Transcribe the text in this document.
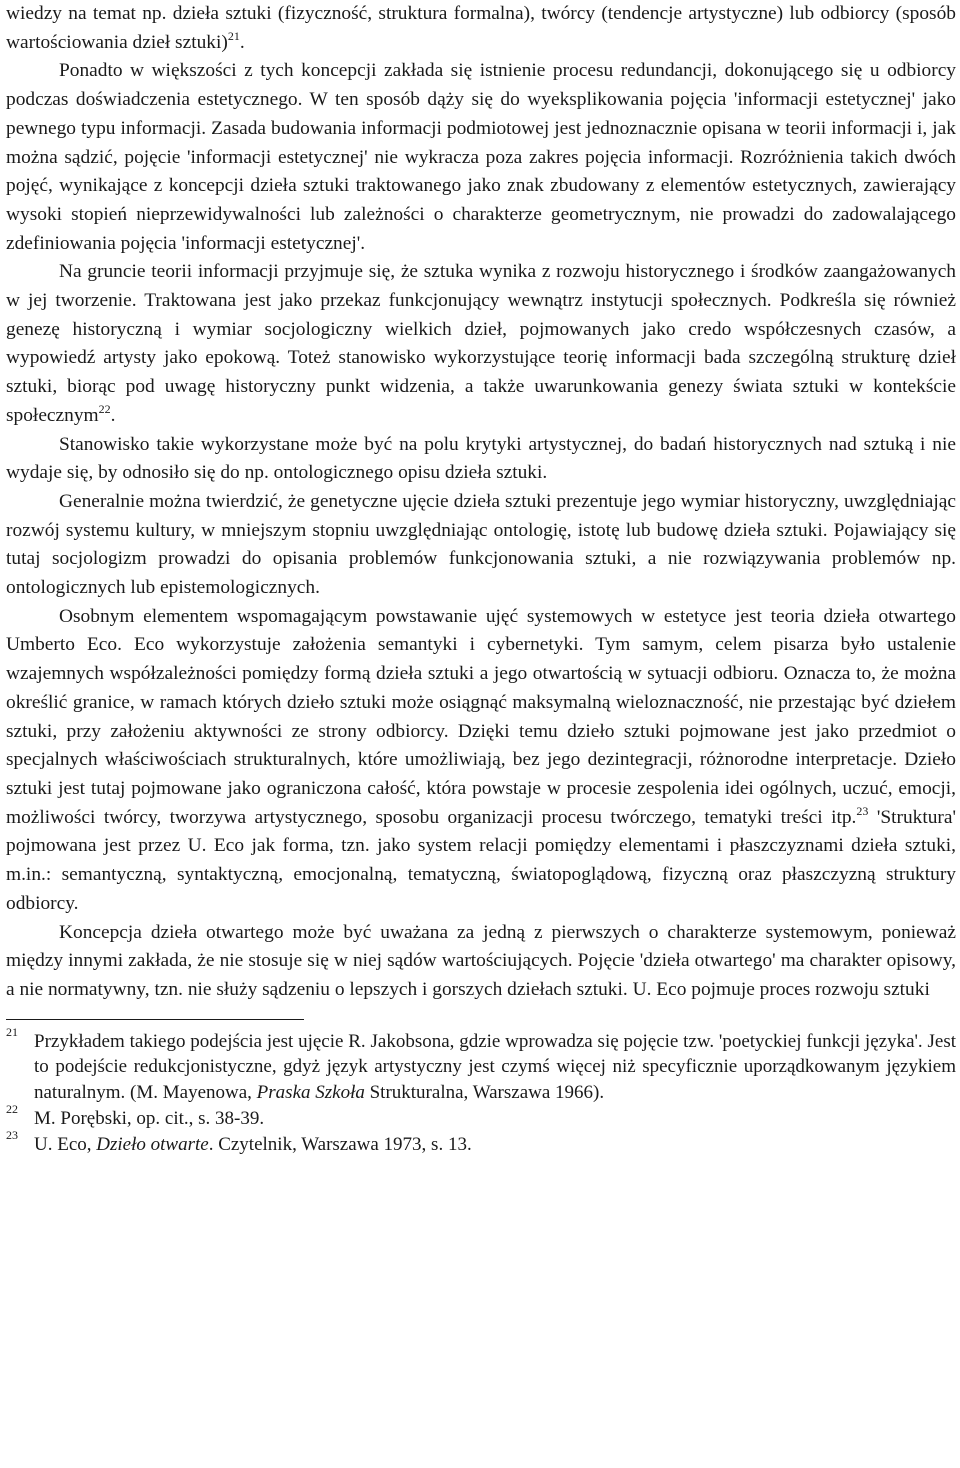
wiedzy na temat np. dzieła sztuki (fizyczność, struktura formalna), twórcy (tendencje artystyczne) lub odbiorcy (sposób wartościowania dzieł sztuki)$^{21}$.

Ponadto w większości z tych koncepcji zakłada się istnienie procesu redundancji, dokonującego się u odbiorcy podczas doświadczenia estetycznego. W ten sposób dąży się do wyeksplikowania pojęcia 'informacji estetycznej' jako pewnego typu informacji. Zasada budowania informacji podmiotowej jest jednoznacznie opisana w teorii informacji i, jak można sądzić, pojęcie 'informacji estetycznej' nie wykracza poza zakres pojęcia informacji. Rozróżnienia takich dwóch pojęć, wynikające z koncepcji dzieła sztuki traktowanego jako znak zbudowany z elementów estetycznych, zawierający wysoki stopień nieprzewidywalności lub zależności o charakterze geometrycznym, nie prowadzi do zadowalającego zdefiniowania pojęcia 'informacji estetycznej'.

Na gruncie teorii informacji przyjmuje się, że sztuka wynika z rozwoju historycznego i środków zaangażowanych w jej tworzenie. Traktowana jest jako przekaz funkcjonujący wewnątrz instytucji społecznych. Podkreśla się również genezę historyczną i wymiar socjologiczny wielkich dzieł, pojmowanych jako credo współczesnych czasów, a wypowiedź artysty jako epokową. Toteż stanowisko wykorzystujące teorię informacji bada szczególną strukturę dzieł sztuki, biorąc pod uwagę historyczny punkt widzenia, a także uwarunkowania genezy świata sztuki w kontekście społecznym$^{22}$.

Stanowisko takie wykorzystane może być na polu krytyki artystycznej, do badań historycznych nad sztuką i nie wydaje się, by odnosiło się do np. ontologicznego opisu dzieła sztuki.

Generalnie można twierdzić, że genetyczne ujęcie dzieła sztuki prezentuje jego wymiar historyczny, uwzględniając rozwój systemu kultury, w mniejszym stopniu uwzględniając ontologię, istotę lub budowę dzieła sztuki. Pojawiający się tutaj socjologizm prowadzi do opisania problemów funkcjonowania sztuki, a nie rozwiązywania problemów np. ontologicznych lub epistemologicznych.

Osobnym elementem wspomagającym powstawanie ujęć systemowych w estetyce jest teoria dzieła otwartego Umberto Eco. Eco wykorzystuje założenia semantyki i cybernetyki. Tym samym, celem pisarza było ustalenie wzajemnych współzależności pomiędzy formą dzieła sztuki a jego otwartością w sytuacji odbioru. Oznacza to, że można określić granice, w ramach których dzieło sztuki może osiągnąć maksymalną wieloznaczność, nie przestając być dziełem sztuki, przy założeniu aktywności ze strony odbiorcy. Dzięki temu dzieło sztuki pojmowane jest jako przedmiot o specjalnych właściwościach strukturalnych, które umożliwiają, bez jego dezintegracji, różnorodne interpretacje. Dzieło sztuki jest tutaj pojmowane jako ograniczona całość, która powstaje w procesie zespolenia idei ogólnych, uczuć, emocji, możliwości twórcy, tworzywa artystycznego, sposobu organizacji procesu twórczego, tematyki treści itp.$^{23}$ 'Struktura' pojmowana jest przez U. Eco jak forma, tzn. jako system relacji pomiędzy elementami i płaszczyznami dzieła sztuki, m.in.: semantyczną, syntaktyczną, emocjonalną, tematyczną, światopoglądową, fizyczną oraz płaszczyzną struktury odbiorcy.

Koncepcja dzieła otwartego może być uważana za jedną z pierwszych o charakterze systemowym, ponieważ między innymi zakłada, że nie stosuje się w niej sądów wartościujących. Pojęcie 'dzieła otwartego' ma charakter opisowy, a nie normatywny, tzn. nie służy sądzeniu o lepszych i gorszych dziełach sztuki. U. Eco pojmuje proces rozwoju sztuki

21 Przykładem takiego podejścia jest ujęcie R. Jakobsona, gdzie wprowadza się pojęcie tzw. 'poetyckiej funkcji języka'. Jest to podejście redukcjonistyczne, gdyż język artystyczny jest czymś więcej niż specyficznie uporządkowanym językiem naturalnym. (M. Mayenowa, Praska Szkoła Strukturalna, Warszawa 1966).

22 M. Porębski, op. cit., s. 38-39.

23 U. Eco, Dzieło otwarte. Czytelnik, Warszawa 1973, s. 13.
